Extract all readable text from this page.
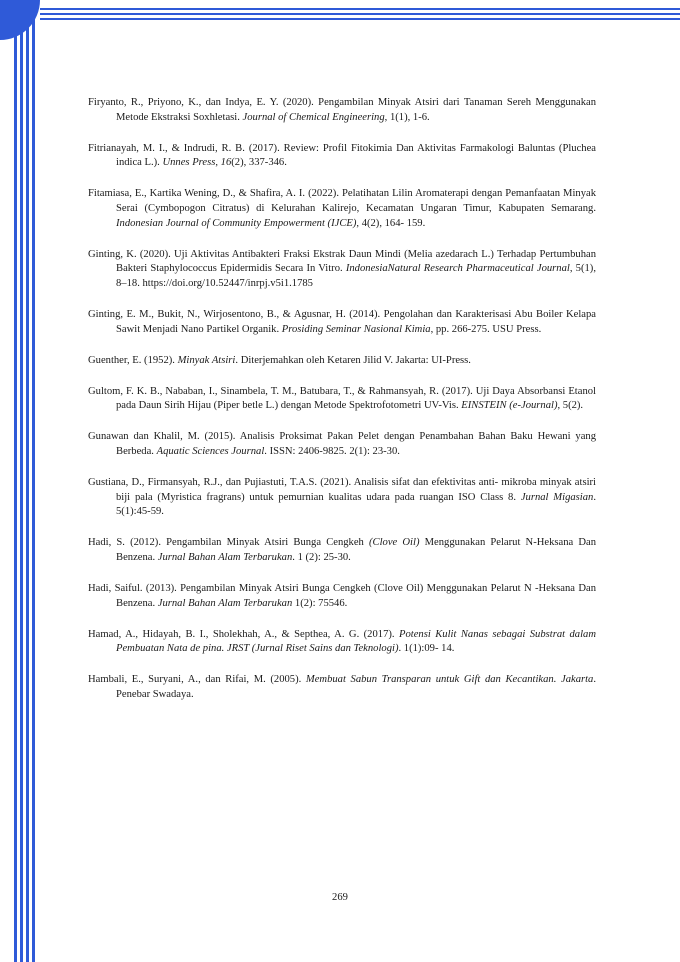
Firyanto, R., Priyono, K., dan Indya, E. Y. (2020). Pengambilan Minyak Atsiri dari Tanaman Sereh Menggunakan Metode Ekstraksi Soxhletasi. Journal of Chemical Engineering, 1(1), 1-6.
Fitrianayah, M. I., & Indrudi, R. B. (2017). Review: Profil Fitokimia Dan Aktivitas Farmakologi Baluntas (Pluchea indica L.). Unnes Press, 16(2), 337-346.
Fitamiasa, E., Kartika Wening, D., & Shafira, A. I. (2022). Pelatihatan Lilin Aromaterapi dengan Pemanfaatan Minyak Serai (Cymbopogon Citratus) di Kelurahan Kalirejo, Kecamatan Ungaran Timur, Kabupaten Semarang. Indonesian Journal of Community Empowerment (IJCE), 4(2), 164- 159.
Ginting, K. (2020). Uji Aktivitas Antibakteri Fraksi Ekstrak Daun Mindi (Melia azedarach L.) Terhadap Pertumbuhan Bakteri Staphylococcus Epidermidis Secara In Vitro. IndonesiaNatural Research Pharmaceutical Journal, 5(1), 8–18. https://doi.org/10.52447/inrpj.v5i1.1785
Ginting, E. M., Bukit, N., Wirjosentono, B., & Agusnar, H. (2014). Pengolahan dan Karakterisasi Abu Boiler Kelapa Sawit Menjadi Nano Partikel Organik. Prosiding Seminar Nasional Kimia, pp. 266-275. USU Press.
Guenther, E. (1952). Minyak Atsiri. Diterjemahkan oleh Ketaren Jilid V. Jakarta: UI-Press.
Gultom, F. K. B., Nababan, I., Sinambela, T. M., Batubara, T., & Rahmansyah, R. (2017). Uji Daya Absorbansi Etanol pada Daun Sirih Hijau (Piper betle L.) dengan Metode Spektrofotometri UV-Vis. EINSTEIN (e-Journal), 5(2).
Gunawan dan Khalil, M. (2015). Analisis Proksimat Pakan Pelet dengan Penambahan Bahan Baku Hewani yang Berbeda. Aquatic Sciences Journal. ISSN: 2406-9825. 2(1): 23-30.
Gustiana, D., Firmansyah, R.J., dan Pujiastuti, T.A.S. (2021). Analisis sifat dan efektivitas anti- mikroba minyak atsiri biji pala (Myristica fragrans) untuk pemurnian kualitas udara pada ruangan ISO Class 8. Jurnal Migasian. 5(1):45-59.
Hadi, S. (2012). Pengambilan Minyak Atsiri Bunga Cengkeh (Clove Oil) Menggunakan Pelarut N-Heksana Dan Benzena. Jurnal Bahan Alam Terbarukan. 1 (2): 25-30.
Hadi, Saiful. (2013). Pengambilan Minyak Atsiri Bunga Cengkeh (Clove Oil) Menggunakan Pelarut N -Heksana Dan Benzena. Jurnal Bahan Alam Terbarukan 1(2): 75546.
Hamad, A., Hidayah, B. I., Sholekhah, A., & Septhea, A. G. (2017). Potensi Kulit Nanas sebagai Substrat dalam Pembuatan Nata de pina. JRST (Jurnal Riset Sains dan Teknologi). 1(1):09- 14.
Hambali, E., Suryani, A., dan Rifai, M. (2005). Membuat Sabun Transparan untuk Gift dan Kecantikan. Jakarta. Penebar Swadaya.
269
